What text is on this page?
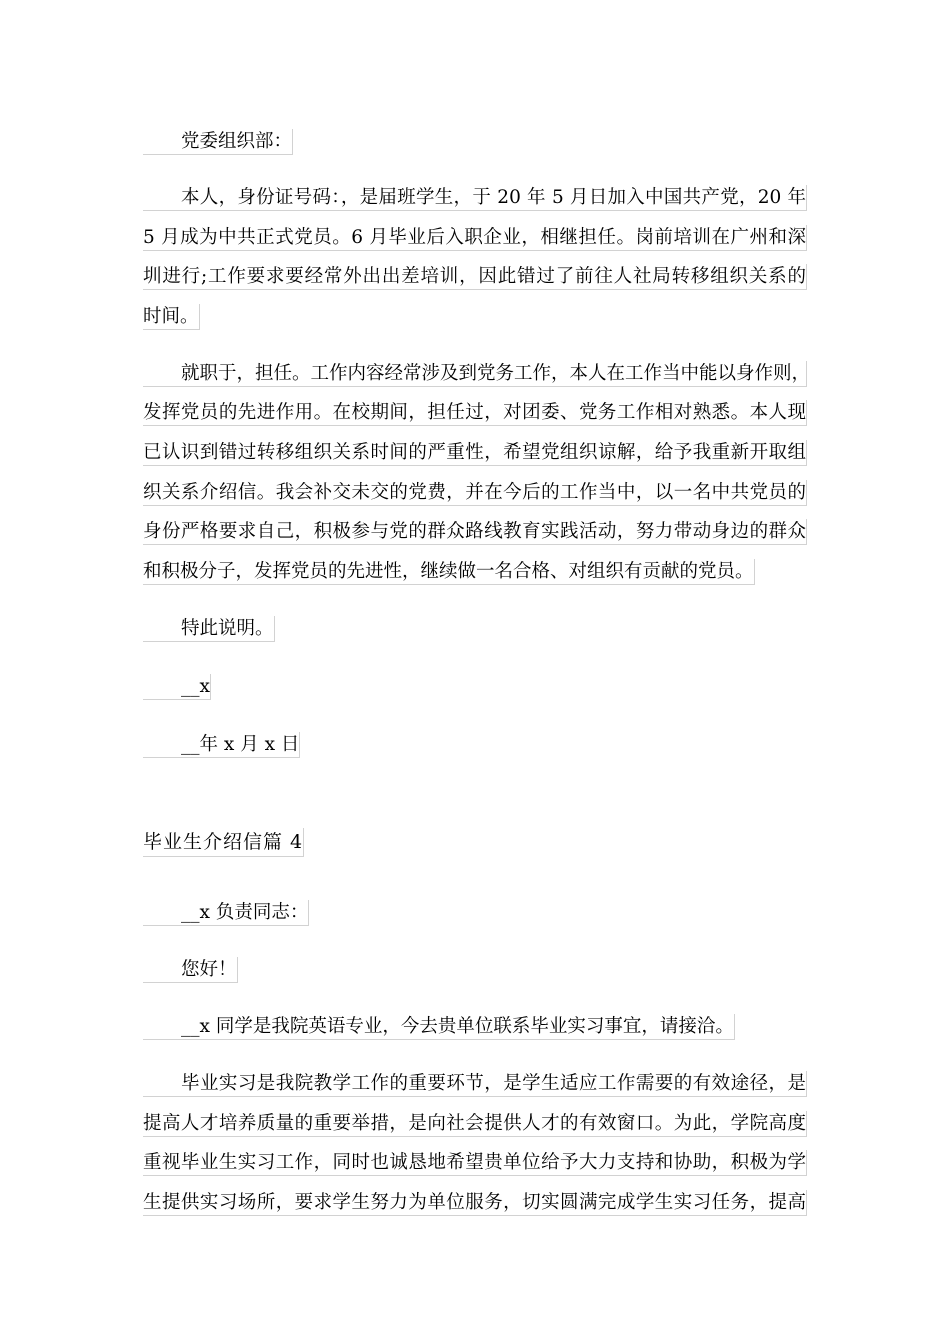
党委组织部：
本人，身份证号码：，是届班学生，于 20 年 5 月日加入中国共产党，20 年
5 月成为中共正式党员。6 月毕业后入职企业，相继担任。岗前培训在广州和深
圳进行;工作要求要经常外出出差培训，因此错过了前往人社局转移组织关系的
时间。
就职于，担任。工作内容经常涉及到党务工作，本人在工作当中能以身作则，
发挥党员的先进作用。在校期间，担任过，对团委、党务工作相对熟悉。本人现
已认识到错过转移组织关系时间的严重性，希望党组织谅解，给予我重新开取组
织关系介绍信。我会补交未交的党费，并在今后的工作当中，以一名中共党员的
身份严格要求自己，积极参与党的群众路线教育实践活动，努力带动身边的群众
和积极分子，发挥党员的先进性，继续做一名合格、对组织有贡献的党员。
特此说明。
__x
__年 x 月 x 日
毕业生介绍信篇 4
__x 负责同志：
您好！
__x 同学是我院英语专业，今去贵单位联系毕业实习事宜，请接洽。
毕业实习是我院教学工作的重要环节，是学生适应工作需要的有效途径，是
提高人才培养质量的重要举措，是向社会提供人才的有效窗口。为此，学院高度
重视毕业生实习工作，同时也诚恳地希望贵单位给予大力支持和协助，积极为学
生提供实习场所，要求学生努力为单位服务，切实圆满完成学生实习任务，提高
